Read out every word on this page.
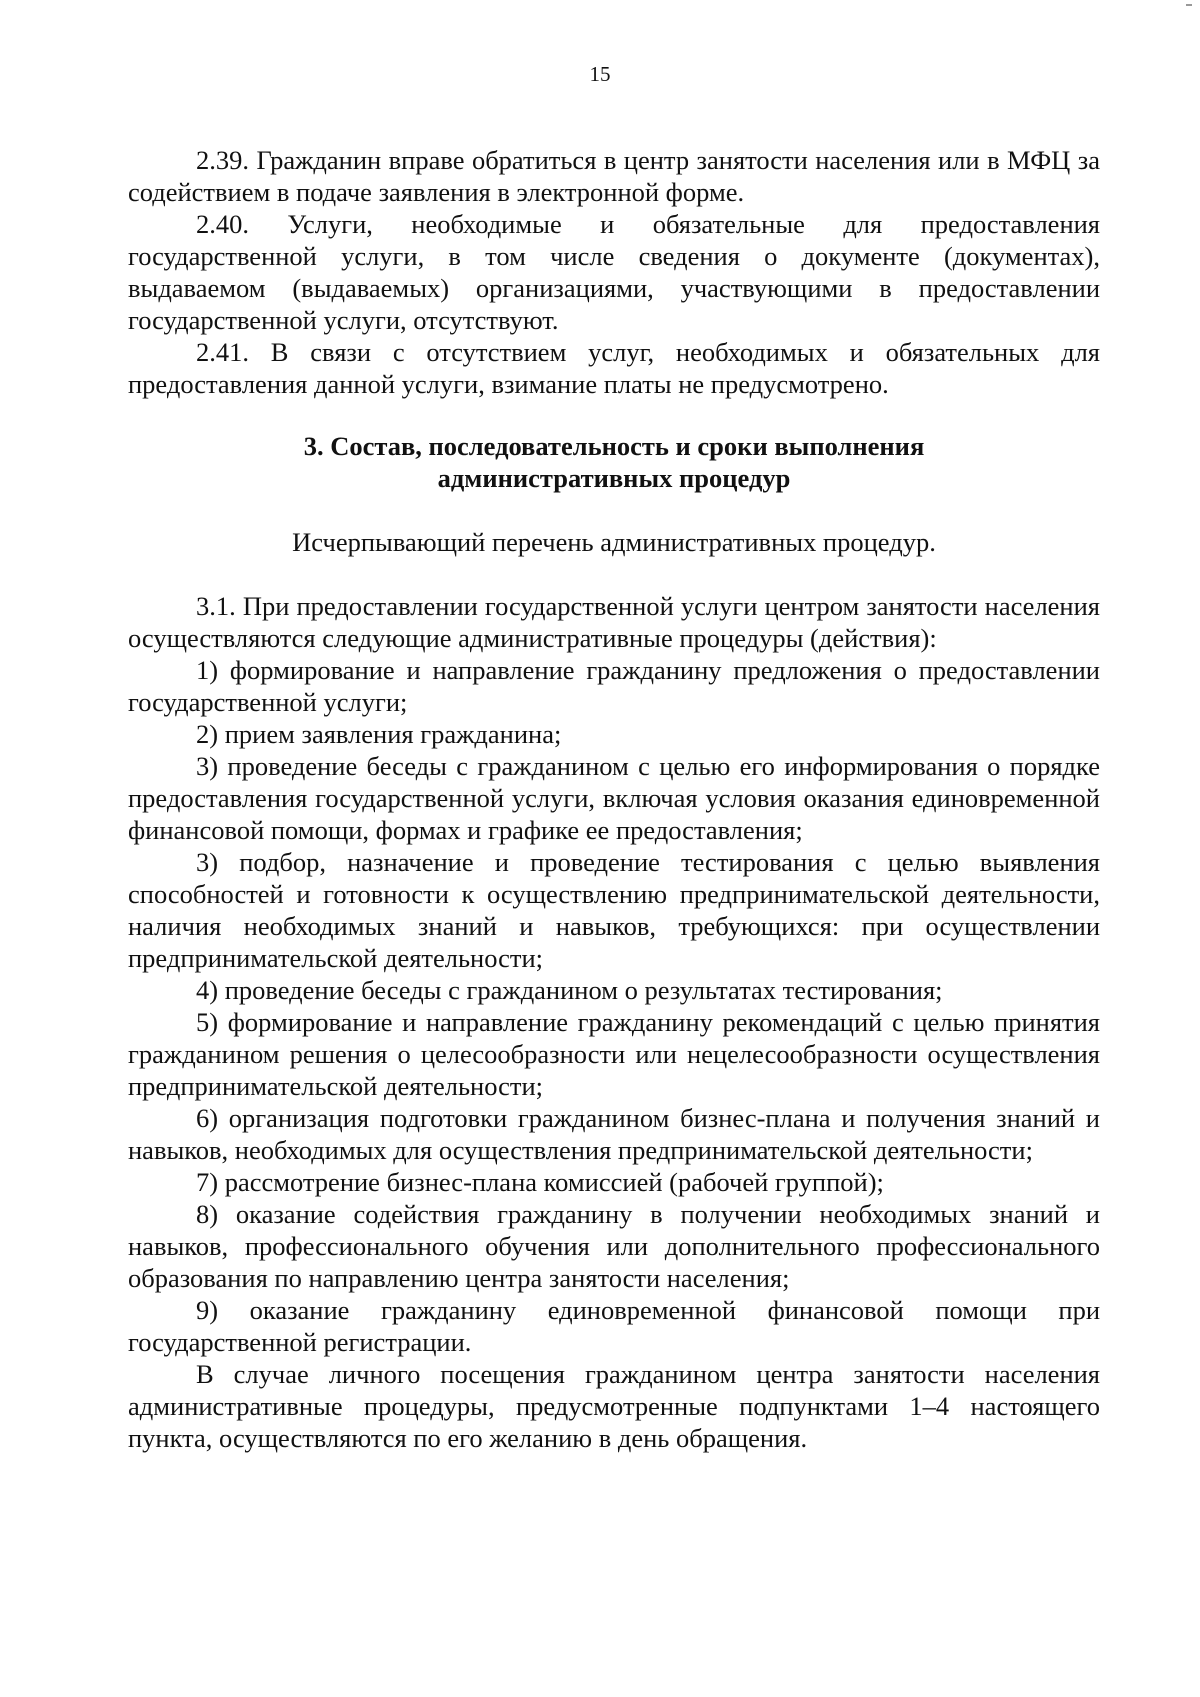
15

2.39. Гражданин вправе обратиться в центр занятости населения или в МФЦ за содействием в подаче заявления в электронной форме.

2.40. Услуги, необходимые и обязательные для предоставления государственной услуги, в том числе сведения о документе (документах), выдаваемом (выдаваемых) организациями, участвующими в предоставлении государственной услуги, отсутствуют.

2.41. В связи с отсутствием услуг, необходимых и обязательных для предоставления данной услуги, взимание платы не предусмотрено.

3. Состав, последовательность и сроки выполнения
административных процедур

Исчерпывающий перечень административных процедур.

3.1. При предоставлении государственной услуги центром занятости населения осуществляются следующие административные процедуры (действия):

1) формирование и направление гражданину предложения о предоставлении государственной услуги;

2) прием заявления гражданина;

3) проведение беседы с гражданином с целью его информирования о порядке предоставления государственной услуги, включая условия оказания единовременной финансовой помощи, формах и графике ее предоставления;

3) подбор, назначение и проведение тестирования с целью выявления способностей и готовности к осуществлению предпринимательской деятельности, наличия необходимых знаний и навыков, требующихся: при осуществлении предпринимательской деятельности;

4) проведение беседы с гражданином о результатах тестирования;

5) формирование и направление гражданину рекомендаций с целью принятия гражданином решения о целесообразности или нецелесообразности осуществления предпринимательской деятельности;

6) организация подготовки гражданином бизнес-плана и получения знаний и навыков, необходимых для осуществления предпринимательской деятельности;

7) рассмотрение бизнес-плана комиссией (рабочей группой);

8) оказание содействия гражданину в получении необходимых знаний и навыков, профессионального обучения или дополнительного профессионального образования по направлению центра занятости населения;

9) оказание гражданину единовременной финансовой помощи при государственной регистрации.

В случае личного посещения гражданином центра занятости населения административные процедуры, предусмотренные подпунктами 1–4 настоящего пункта, осуществляются по его желанию в день обращения.
